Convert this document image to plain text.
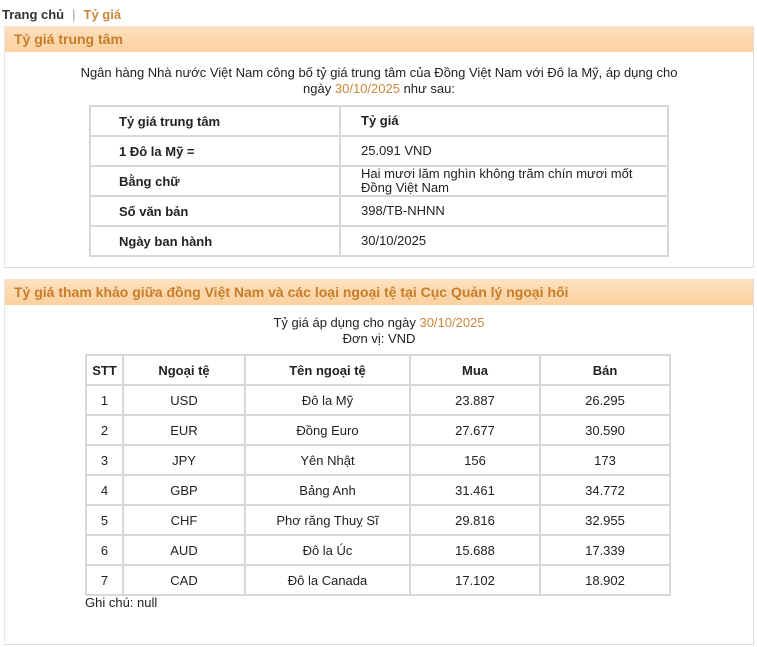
Trang chủ | Tỷ giá
Tỷ giá trung tâm
Ngân hàng Nhà nước Việt Nam công bố tỷ giá trung tâm của Đồng Việt Nam với Đô la Mỹ, áp dụng cho ngày 30/10/2025 như sau:
Tỷ giá trung tâm	Tỷ giá
1 Đô la Mỹ =	25.091 VND
Bằng chữ	Hai mươi lăm nghìn không trăm chín mươi mốt Đồng Việt Nam
Số văn bản	398/TB-NHNN
Ngày ban hành	30/10/2025
Tỷ giá tham khảo giữa đồng Việt Nam và các loại ngoại tệ tại Cục Quản lý ngoại hối
Tỷ giá áp dụng cho ngày 30/10/2025
Đơn vị: VND
STT	Ngoại tệ	Tên ngoại tệ	Mua	Bán
1	USD	Đô la Mỹ	23.887	26.295
2	EUR	Đồng Euro	27.677	30.590
3	JPY	Yên Nhật	156	173
4	GBP	Bảng Anh	31.461	34.772
5	CHF	Phơ răng Thuỵ Sĩ	29.816	32.955
6	AUD	Đô la Úc	15.688	17.339
7	CAD	Đô la Canada	17.102	18.902
Ghi chú: null
